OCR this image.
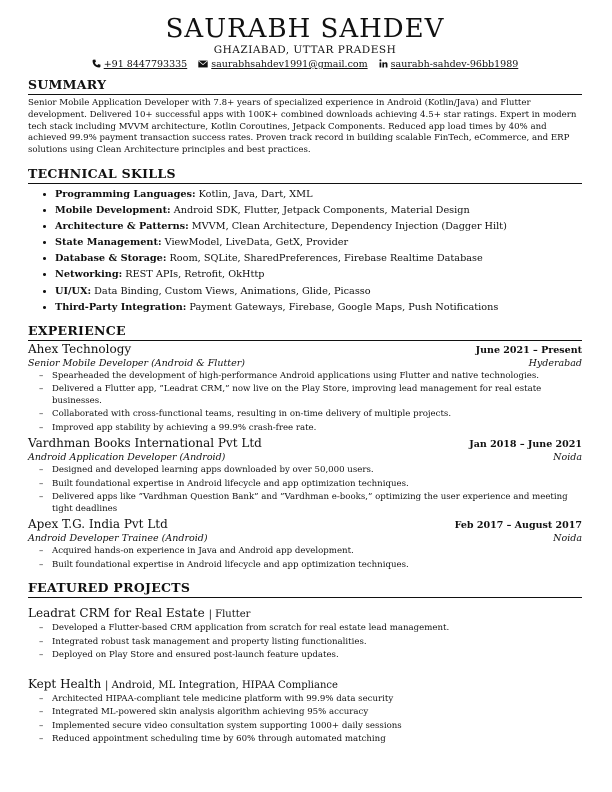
SAURABH SAHDEV
GHAZIABAD, UTTAR PRADESH
+91 8447793335	saurabhsahdev1991@gmail.com saurabh-sahdev-96bb1989
SUMMARY

Senior Mobile Application Developer with 7.8+ years of specialized experience in Android (Kotlin/Java) and Flutter development. Delivered 10+ successful apps with 100K+ combined downloads achieving 4.5+ star ratings. Expert in modern tech stack including MVVM architecture, Kotlin Coroutines, Jetpack Components. Reduced app load times by 40% and achieved 99.9% payment transaction success rates. Proven track record in building scalable FinTech, eCommerce, and ERP solutions using Clean Architecture principles and best practices.

TECHNICAL SKILLS
• Programming Languages: Kotlin, Java, Dart, XML
• Mobile Development: Android SDK, Flutter, Jetpack Components, Material Design
• Architecture & Patterns: MVVM, Clean Architecture, Dependency Injection (Dagger Hilt)
• State Management: ViewModel, LiveData, GetX, Provider
• Database & Storage: Room, SQLite, SharedPreferences, Firebase Realtime Database
• Networking: REST APIs, Retrofit, OkHttp
• UI/UX: Data Binding, Custom Views, Animations, Glide, Picasso
• Third-Party Integration: Payment Gateways, Firebase, Google Maps, Push Notifications
EXPERIENCE
Ahex Technology	June 2021 – Present
Senior Mobile Developer (Android & Flutter)	Hyderabad
– Spearheaded the development of high-performance Android applications using Flutter and native technologies.
– Delivered a Flutter app, ”Leadrat CRM,” now live on the Play Store, improving lead management for real estate businesses.
– Collaborated with cross-functional teams, resulting in on-time delivery of multiple projects.
– Improved app stability by achieving a 99.9% crash-free rate.
Vardhman Books International Pvt Ltd	Jan 2018 – June 2021
Android Application Developer (Android)	Noida
– Designed and developed learning apps downloaded by over 50,000 users.
– Built foundational expertise in Android lifecycle and app optimization techniques.
– Delivered apps like ”Vardhman Question Bank” and ”Vardhman e-books,” optimizing the user experience and meeting tight deadlines
Apex T.G. India Pvt Ltd	Feb 2017 – August 2017
Android Developer Trainee (Android)	Noida
– Acquired hands-on experience in Java and Android app development.
– Built foundational expertise in Android lifecycle and app optimization techniques.
FEATURED PROJECTS
Leadrat CRM for Real Estate | Flutter
– Developed a Flutter-based CRM application from scratch for real estate lead management.
– Integrated robust task management and property listing functionalities.
– Deployed on Play Store and ensured post-launch feature updates.
Kept Health | Android, ML Integration, HIPAA Compliance
– Architected HIPAA-compliant tele medicine platform with 99.9% data security
– Integrated ML-powered skin analysis algorithm achieving 95% accuracy
– Implemented secure video consultation system supporting 1000+ daily sessions
– Reduced appointment scheduling time by 60% through automated matching
